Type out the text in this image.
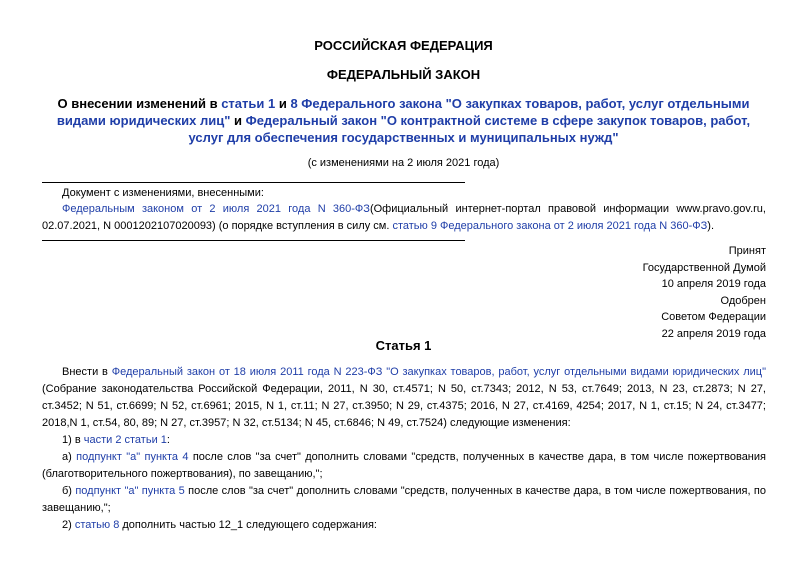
РОССИЙСКАЯ ФЕДЕРАЦИЯ
ФЕДЕРАЛЬНЫЙ ЗАКОН
О внесении изменений в статьи 1 и 8 Федерального закона "О закупках товаров, работ, услуг отдельными видами юридических лиц" и Федеральный закон "О контрактной системе в сфере закупок товаров, работ, услуг для обеспечения государственных и муниципальных нужд"
(с изменениями на 2 июля 2021 года)
Документ с изменениями, внесенными:
Федеральным законом от 2 июля 2021 года N 360-ФЗ(Официальный интернет-портал правовой информации www.pravo.gov.ru, 02.07.2021, N 0001202107020093) (о порядке вступления в силу см. статью 9 Федерального закона от 2 июля 2021 года N 360-ФЗ).
Принят
Государственной Думой
10 апреля 2019 года
Одобрен
Советом Федерации
22 апреля 2019 года
Статья 1

Внести в Федеральный закон от 18 июля 2011 года N 223-ФЗ "О закупках товаров, работ, услуг отдельными видами юридических лиц" (Собрание законодательства Российской Федерации, 2011, N 30, ст.4571; N 50, ст.7343; 2012, N 53, ст.7649; 2013, N 23, ст.2873; N 27, ст.3452; N 51, ст.6699; N 52, ст.6961; 2015, N 1, ст.11; N 27, ст.3950; N 29, ст.4375; 2016, N 27, ст.4169, 4254; 2017, N 1, ст.15; N 24, ст.3477; 2018,N 1, ст.54, 80, 89; N 27, ст.3957; N 32, ст.5134; N 45, ст.6846; N 49, ст.7524) следующие изменения:

1) в части 2 статьи 1:

а) подпункт "а" пункта 4 после слов "за счет" дополнить словами "средств, полученных в качестве дара, в том числе пожертвования (благотворительного пожертвования), по завещанию,";

б) подпункт "а" пункта 5 после слов "за счет" дополнить словами "средств, полученных в качестве дара, в том числе пожертвования, по завещанию,";

2) статью 8 дополнить частью 12_1 следующего содержания:
